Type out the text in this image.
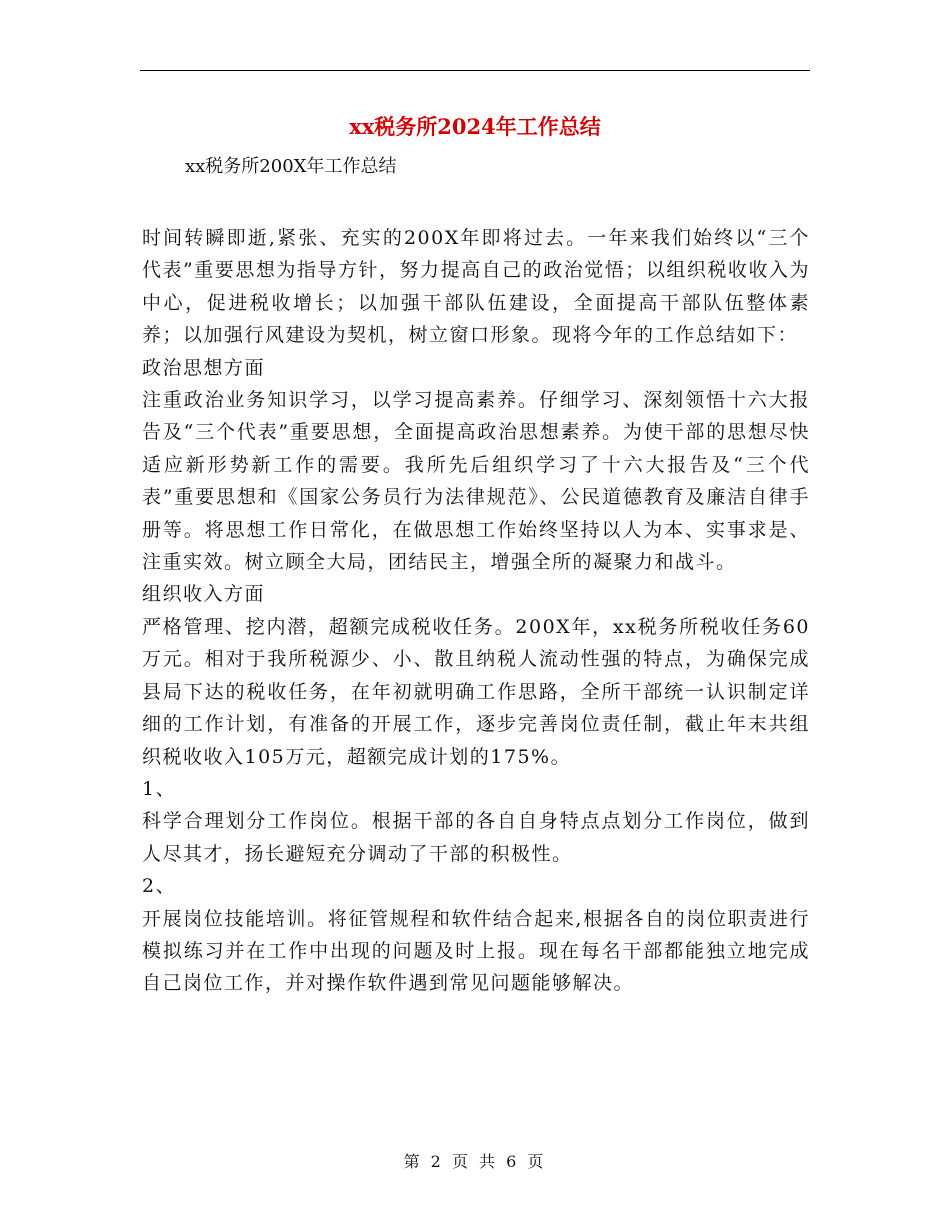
xx税务所2024年工作总结

xx税务所200X年工作总结

时间转瞬即逝,紧张、充实的200X年即将过去。一年来我们始终以“三个代表”重要思想为指导方针，努力提高自己的政治觉悟；以组织税收收入为中心，促进税收增长；以加强干部队伍建设，全面提高干部队伍整体素养；以加强行风建设为契机，树立窗口形象。现将今年的工作总结如下：

政治思想方面

注重政治业务知识学习，以学习提高素养。仔细学习、深刻领悟十六大报告及“三个代表”重要思想，全面提高政治思想素养。为使干部的思想尽快适应新形势新工作的需要。我所先后组织学习了十六大报告及“三个代表”重要思想和《国家公务员行为法律规范》、公民道德教育及廉洁自律手册等。将思想工作日常化，在做思想工作始终坚持以人为本、实事求是、注重实效。树立顾全大局，团结民主，增强全所的凝聚力和战斗。

组织收入方面

严格管理、挖内潜，超额完成税收任务。200X年，xx税务所税收任务60万元。相对于我所税源少、小、散且纳税人流动性强的特点，为确保完成县局下达的税收任务，在年初就明确工作思路，全所干部统一认识制定详细的工作计划，有准备的开展工作，逐步完善岗位责任制，截止年末共组织税收收入105万元，超额完成计划的175%。

1、

科学合理划分工作岗位。根据干部的各自自身特点点划分工作岗位，做到人尽其才，扬长避短充分调动了干部的积极性。

2、

开展岗位技能培训。将征管规程和软件结合起来,根据各自的岗位职责进行模拟练习并在工作中出现的问题及时上报。现在每名干部都能独立地完成自己岗位工作，并对操作软件遇到常见问题能够解决。

第 2 页 共 6 页
